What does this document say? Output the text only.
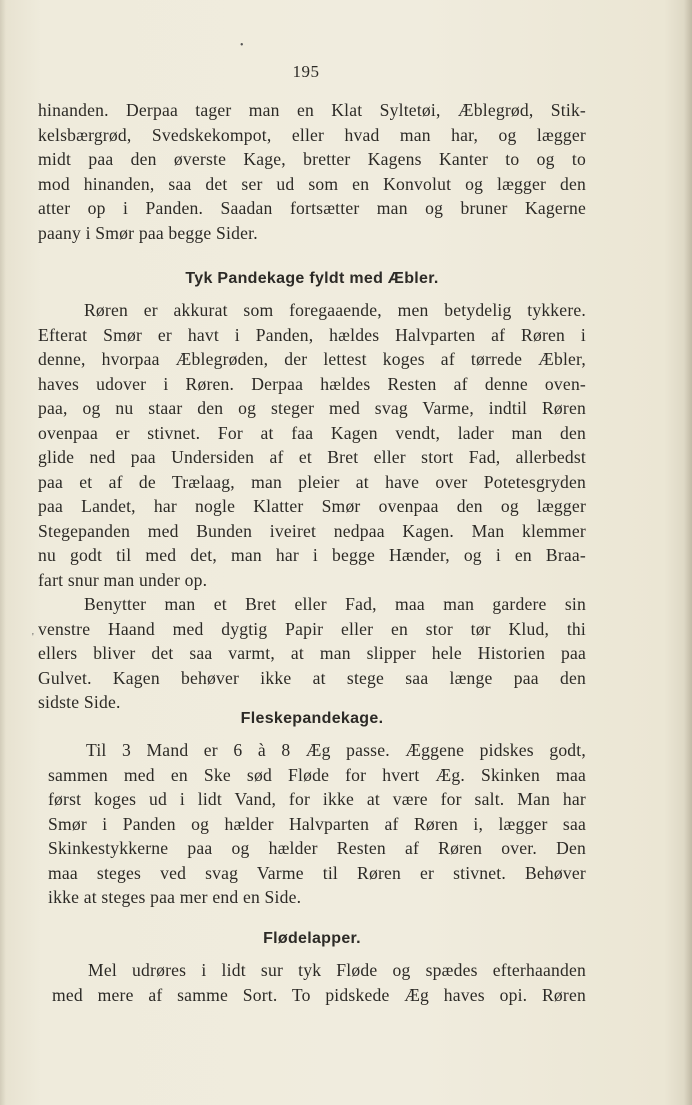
195
hinanden. Derpaa tager man en Klat Syltetøi, Æblegrød, Stik-
kelsbærgrød, Svedskekompot, eller hvad man har, og lægger
midt paa den øverste Kage, bretter Kagens Kanter to og to
mod hinanden, saa det ser ud som en Konvolut og lægger den
atter op i Panden. Saadan fortsætter man og bruner Kagerne
paany i Smør paa begge Sider.
Tyk Pandekage fyldt med Æbler.
Røren er akkurat som foregaaende, men betydelig tykkere.
Efterat Smør er havt i Panden, hældes Halvparten af Røren i
denne, hvorpaa Æblegrøden, der lettest koges af tørrede Æbler,
haves udover i Røren. Derpaa hældes Resten af denne oven-
paa, og nu staar den og steger med svag Varme, indtil Røren
ovenpaa er stivnet. For at faa Kagen vendt, lader man den
glide ned paa Undersiden af et Bret eller stort Fad, allerbedst
paa et af de Trælaag, man pleier at have over Potetesgryden
paa Landet, har nogle Klatter Smør ovenpaa den og lægger
Stegepanden med Bunden iveiret nedpaa Kagen. Man klemmer
nu godt til med det, man har i begge Hænder, og i en Braa-
fart snur man under op.
Benytter man et Bret eller Fad, maa man gardere sin
venstre Haand med dygtig Papir eller en stor tør Klud, thi
ellers bliver det saa varmt, at man slipper hele Historien paa
Gulvet. Kagen behøver ikke at stege saa længe paa den
sidste Side.
Fleskepandekage.
Til 3 Mand er 6 à 8 Æg passe. Æggene pidskes godt,
sammen med en Ske sød Fløde for hvert Æg. Skinken maa
først koges ud i lidt Vand, for ikke at være for salt. Man har
Smør i Panden og hælder Halvparten af Røren i, lægger saa
Skinkestykkerne paa og hælder Resten af Røren over. Den
maa steges ved svag Varme til Røren er stivnet. Behøver
ikke at steges paa mer end en Side.
Flødelapper.
Mel udrøres i lidt sur tyk Fløde og spædes efterhaanden
med mere af samme Sort. To pidskede Æg haves opi. Røren
•
'
